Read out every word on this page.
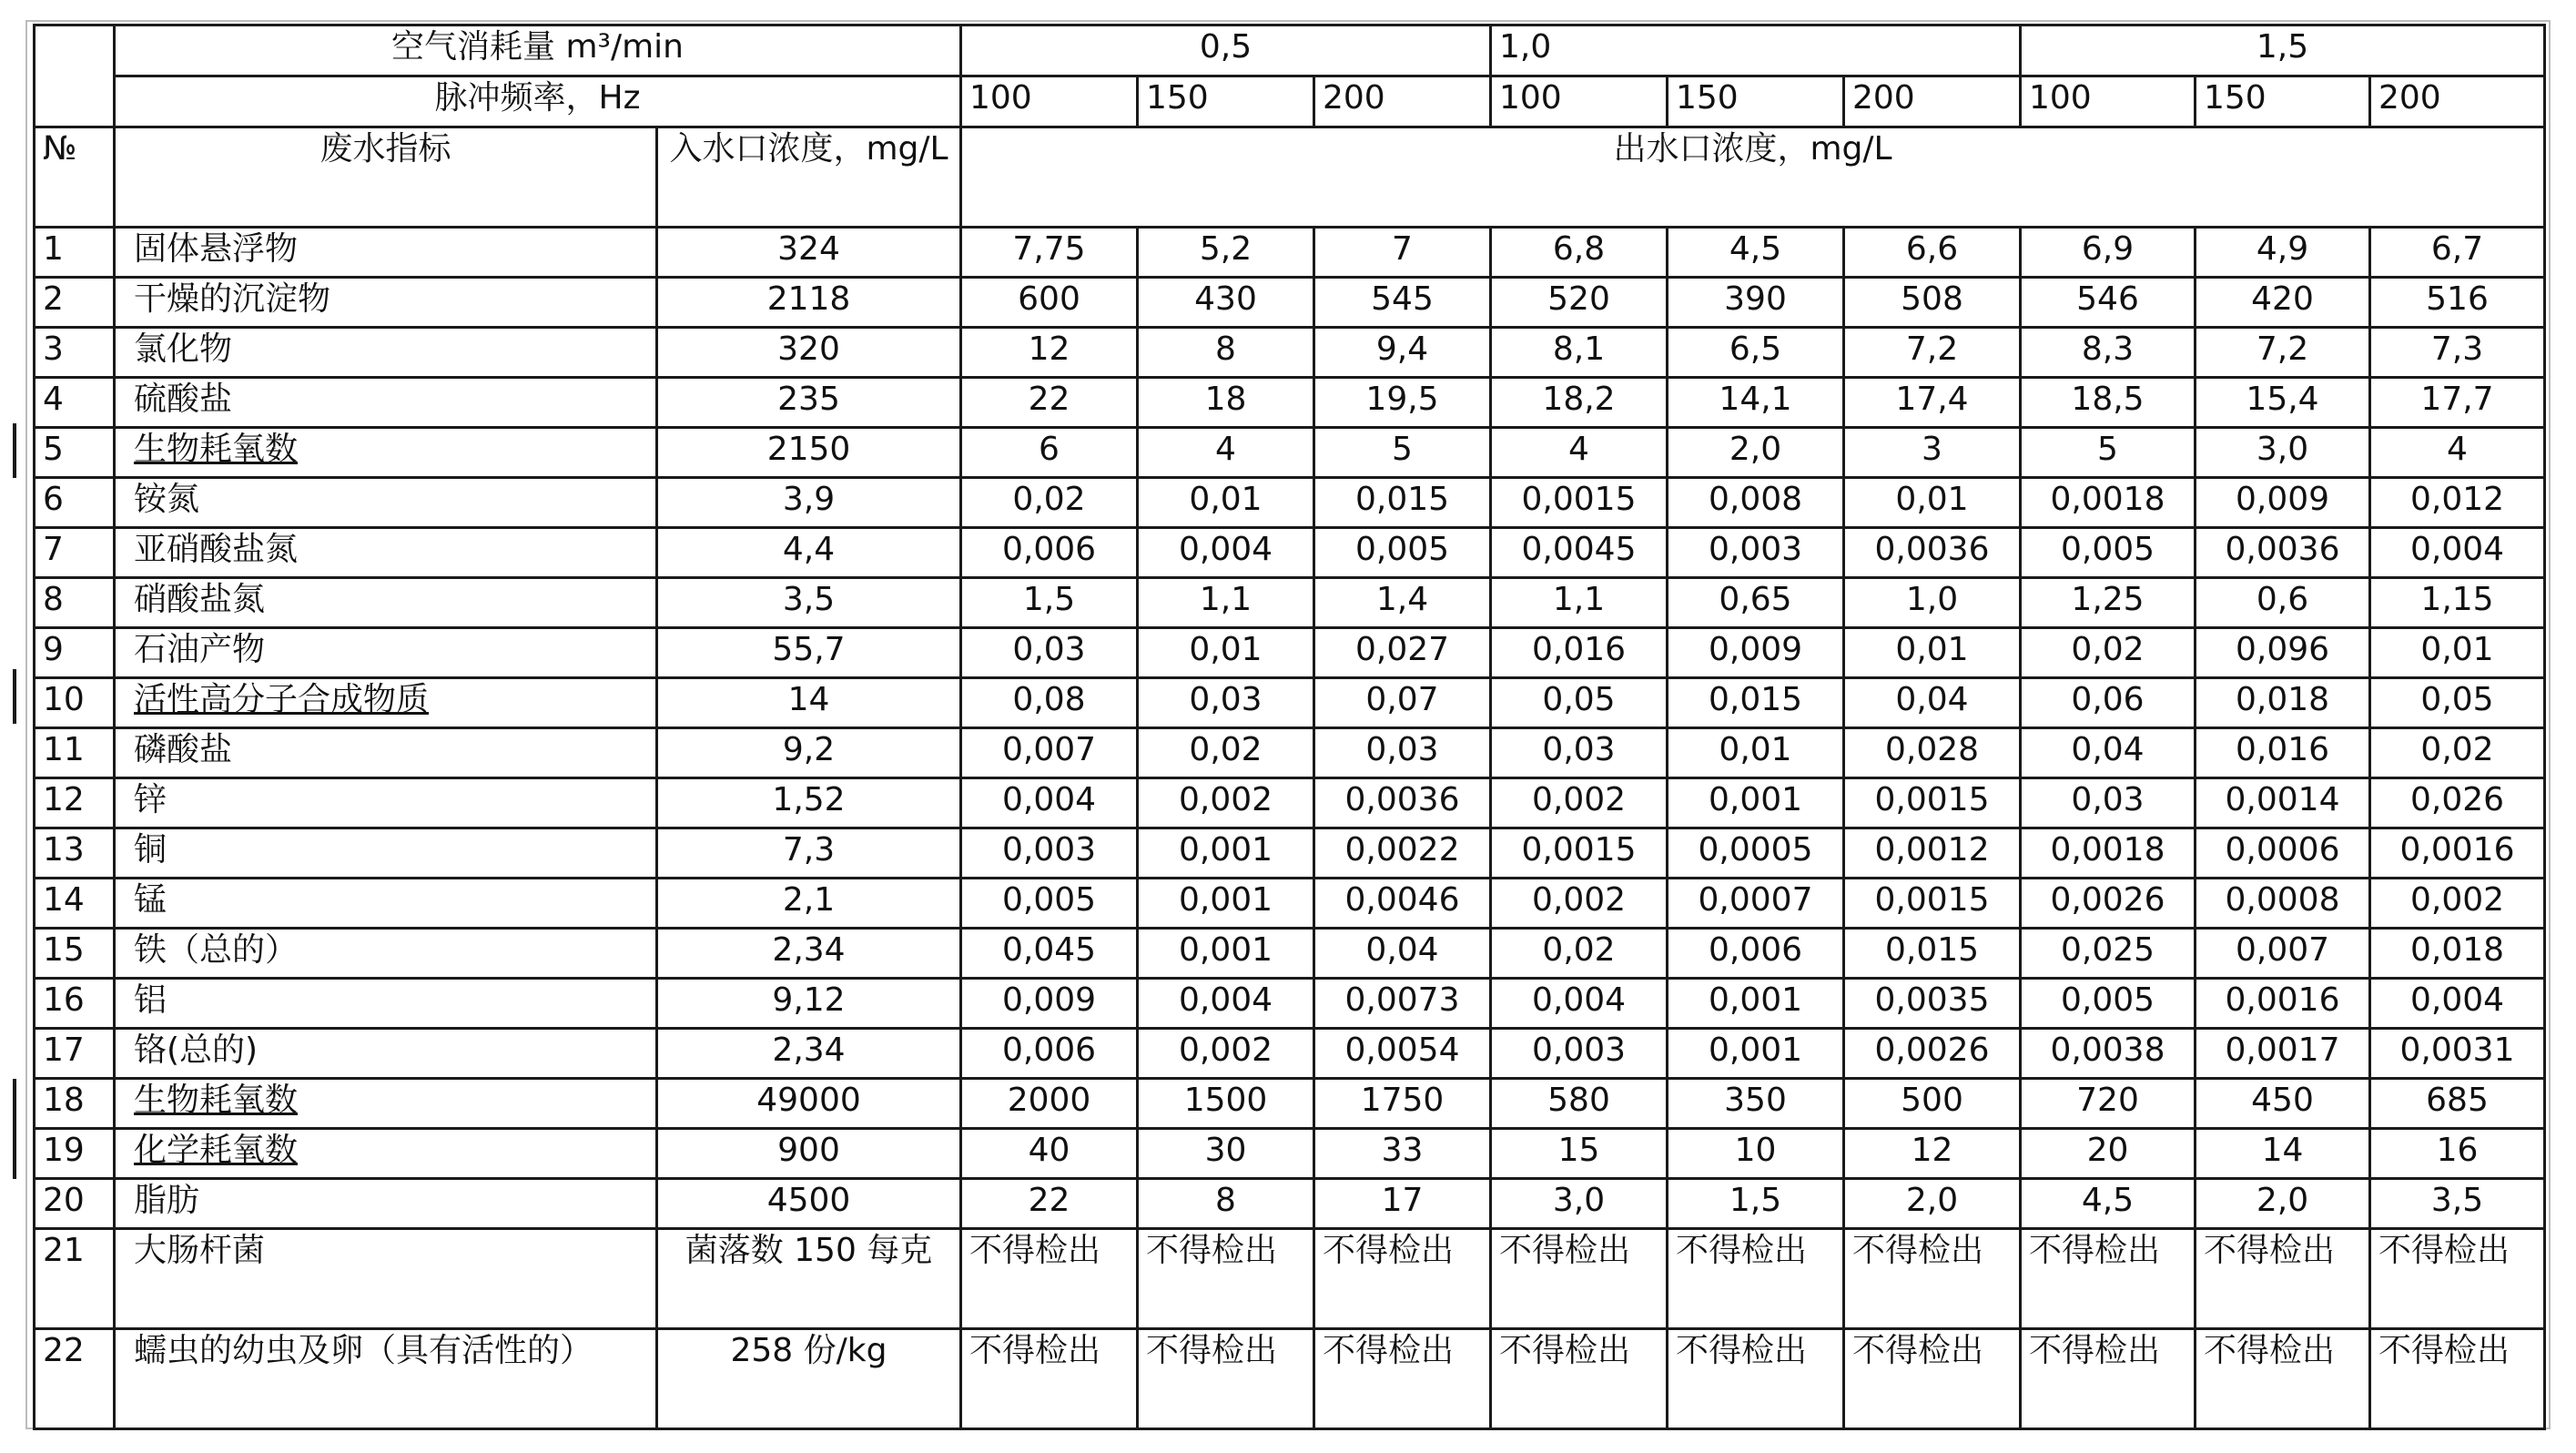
	空气消耗量 m³/min		0,5			1,0			1,5		
	脉冲频率，Hz		100	150	200	100	150	200	100	150	200
№	废水指标	入水口浓度，mg/L	出水口浓度，mg/L								
1	固体悬浮物	324	7,75	5,2	7	6,8	4,5	6,6	6,9	4,9	6,7
2	干燥的沉淀物	2118	600	430	545	520	390	508	546	420	516
3	氯化物	320	12	8	9,4	8,1	6,5	7,2	8,3	7,2	7,3
4	硫酸盐	235	22	18	19,5	18,2	14,1	17,4	18,5	15,4	17,7
5	生物耗氧数	2150	6	4	5	4	2,0	3	5	3,0	4
6	铵氮	3,9	0,02	0,01	0,015	0,0015	0,008	0,01	0,0018	0,009	0,012
7	亚硝酸盐氮	4,4	0,006	0,004	0,005	0,0045	0,003	0,0036	0,005	0,0036	0,004
8	硝酸盐氮	3,5	1,5	1,1	1,4	1,1	0,65	1,0	1,25	0,6	1,15
9	石油产物	55,7	0,03	0,01	0,027	0,016	0,009	0,01	0,02	0,096	0,01
10	活性高分子合成物质	14	0,08	0,03	0,07	0,05	0,015	0,04	0,06	0,018	0,05
11	磷酸盐	9,2	0,007	0,02	0,03	0,03	0,01	0,028	0,04	0,016	0,02
12	锌	1,52	0,004	0,002	0,0036	0,002	0,001	0,0015	0,03	0,0014	0,026
13	铜	7,3	0,003	0,001	0,0022	0,0015	0,0005	0,0012	0,0018	0,0006	0,0016
14	锰	2,1	0,005	0,001	0,0046	0,002	0,0007	0,0015	0,0026	0,0008	0,002
15	铁（总的）	2,34	0,045	0,001	0,04	0,02	0,006	0,015	0,025	0,007	0,018
16	铝	9,12	0,009	0,004	0,0073	0,004	0,001	0,0035	0,005	0,0016	0,004
17	铬(总的)	2,34	0,006	0,002	0,0054	0,003	0,001	0,0026	0,0038	0,0017	0,0031
18	生物耗氧数	49000	2000	1500	1750	580	350	500	720	450	685
19	化学耗氧数	900	40	30	33	15	10	12	20	14	16
20	脂肪	4500	22	8	17	3,0	1,5	2,0	4,5	2,0	3,5
21	大肠杆菌	菌落数 150 每克	不得检出	不得检出	不得检出	不得检出	不得检出	不得检出	不得检出	不得检出	不得检出
22	蠕虫的幼虫及卵（具有活性的）	258 份/kg	不得检出	不得检出	不得检出	不得检出	不得检出	不得检出	不得检出	不得检出	不得检出
